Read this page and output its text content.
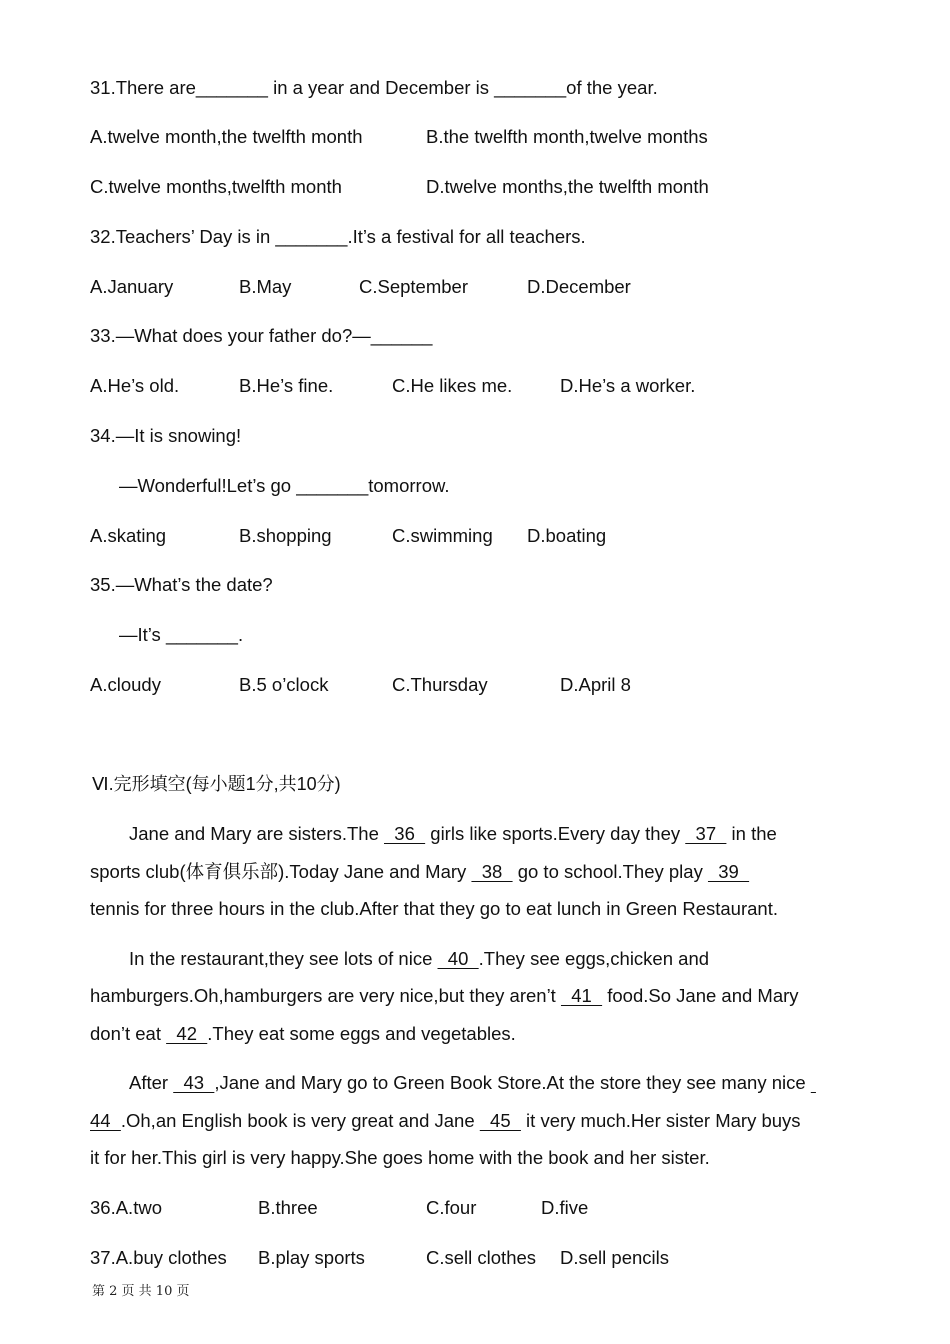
31.There are_______ in a year and December is _______of the year.
A.twelve month,the twelfth month	B.the twelfth month,twelve months
C.twelve months,twelfth month	D.twelve months,the twelfth month
32.Teachers’ Day is in _______.It’s a festival for all teachers.
A.January	B.May	C.September	D.December
33.—What does your father do?—______
A.He’s old.	B.He’s fine.	C.He likes me.	D.He’s a worker.
34.—It is snowing!
—Wonderful!Let’s go _______tomorrow.
A.skating	B.shopping	C.swimming D.boating
35.—What’s the date?
—It’s _______.
A.cloudy	B.5 o’clock	C.Thursday	D.April 8
Ⅵ.完形填空(每小题1分,共10分)
Jane and Mary are sisters.The   36   girls like sports.Every day they   37   in the
sports club(体育俱乐部).Today Jane and Mary   38   go to school.They play   39
tennis for three hours in the club.After that they go to eat lunch in Green Restaurant.
In the restaurant,they see lots of nice   40  .They see eggs,chicken and
hamburgers.Oh,hamburgers are very nice,but they aren’t   41   food.So Jane and Mary
don’t eat   42  .They eat some eggs and vegetables.
After   43  ,Jane and Mary go to Green Book Store.At the store they see many nice
44  .Oh,an English book is very great and Jane   45   it very much.Her sister Mary buys
it for her.This girl is very happy.She goes home with the book and her sister.
36.A.two	B.three	C.four	D.five
37.A.buy clothes B.play sports	C.sell clothes D.sell pencils
第 2 页 共 10 页
